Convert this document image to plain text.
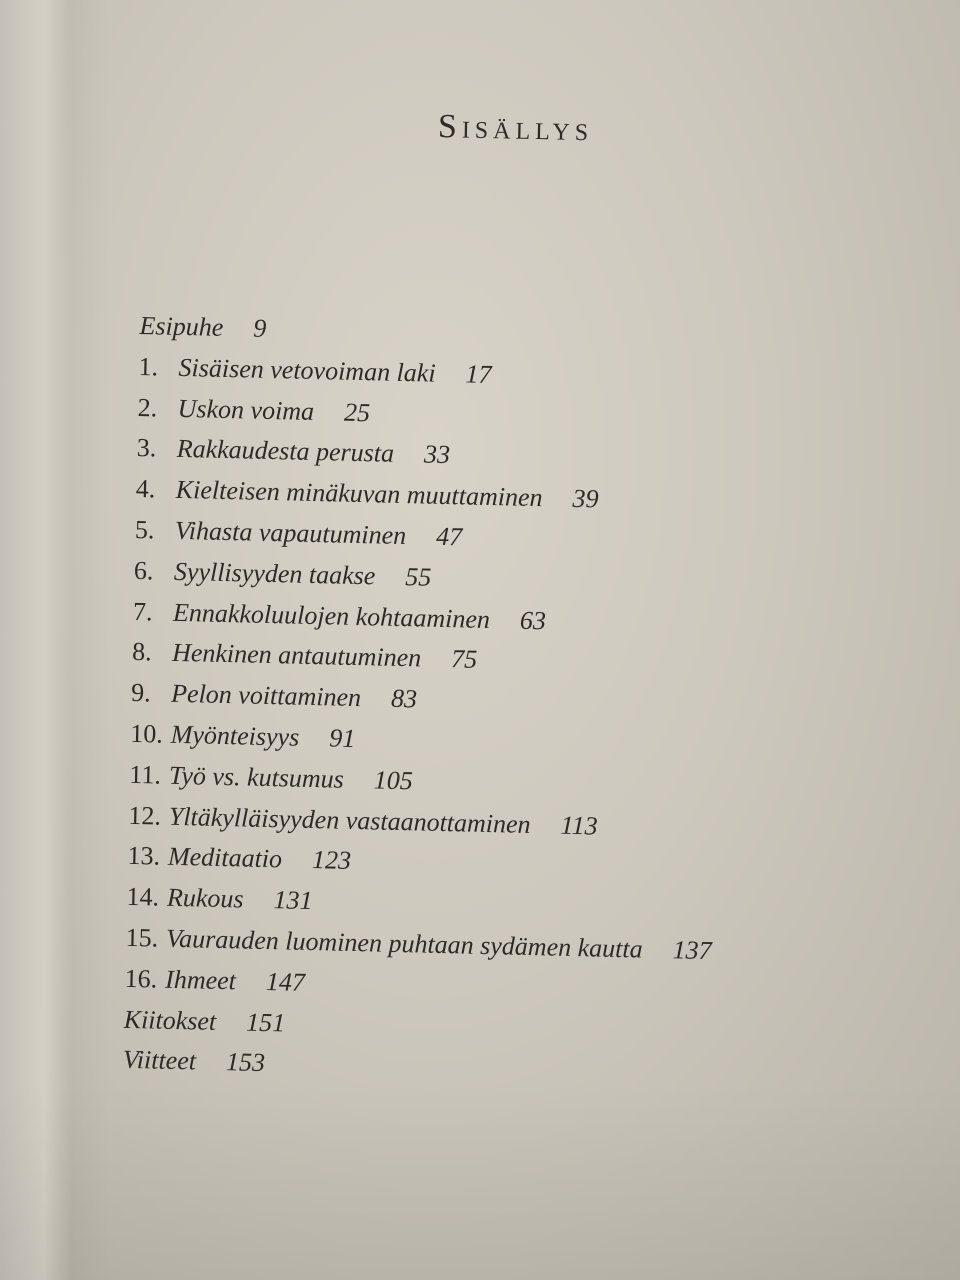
Sisällys
Esipuhe 9
1. Sisäisen vetovoiman laki 17
2. Uskon voima 25
3. Rakkaudesta perusta 33
4. Kielteisen minäkuvan muuttaminen 39
5. Vihasta vapautuminen 47
6. Syyllisyyden taakse 55
7. Ennakkoluulojen kohtaaminen 63
8. Henkinen antautuminen 75
9. Pelon voittaminen 83
10. Myönteisyys 91
11. Työ vs. kutsumus 105
12. Yltäkylläisyyden vastaanottaminen 113
13. Meditaatio 123
14. Rukous 131
15. Vaurauden luominen puhtaan sydämen kautta 137
16. Ihmeet 147
Kiitokset 151
Viitteet 153
